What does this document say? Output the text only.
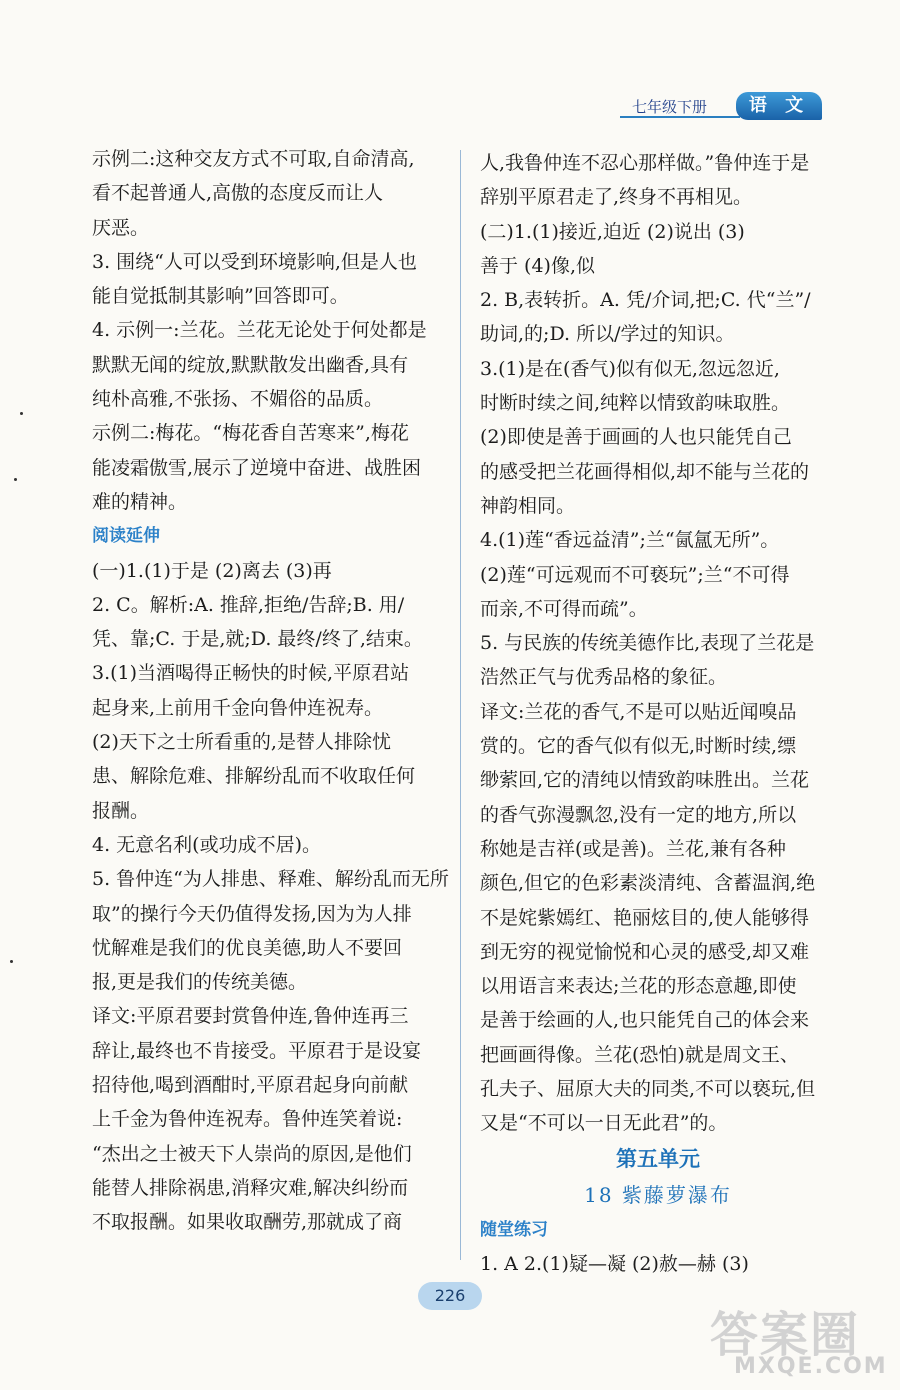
七年级下册	语 文
示例二:这种交友方式不可取,自命清高,
看不起普通人,高傲的态度反而让人
厌恶。
3. 围绕“人可以受到环境影响,但是人也
能自觉抵制其影响”回答即可。
4. 示例一:兰花。兰花无论处于何处都是
默默无闻的绽放,默默散发出幽香,具有
纯朴高雅,不张扬、不媚俗的品质。
示例二:梅花。“梅花香自苦寒来”,梅花
能凌霜傲雪,展示了逆境中奋进、战胜困
难的精神。
阅读延伸
(一)1.(1)于是 (2)离去 (3)再
2. C。解析:A. 推辞,拒绝/告辞;B. 用/
凭、靠;C. 于是,就;D. 最终/终了,结束。
3.(1)当酒喝得正畅快的时候,平原君站
起身来,上前用千金向鲁仲连祝寿。
(2)天下之士所看重的,是替人排除忧
患、解除危难、排解纷乱而不收取任何
报酬。
4. 无意名利(或功成不居)。
5. 鲁仲连“为人排患、释难、解纷乱而无所
取”的操行今天仍值得发扬,因为为人排
忧解难是我们的优良美德,助人不要回
报,更是我们的传统美德。
译文:平原君要封赏鲁仲连,鲁仲连再三
辞让,最终也不肯接受。平原君于是设宴
招待他,喝到酒酣时,平原君起身向前献
上千金为鲁仲连祝寿。鲁仲连笑着说:
“杰出之士被天下人崇尚的原因,是他们
能替人排除祸患,消释灾难,解决纠纷而
不取报酬。如果收取酬劳,那就成了商
人,我鲁仲连不忍心那样做。”鲁仲连于是
辞别平原君走了,终身不再相见。
(二)1.(1)接近,迫近 (2)说出 (3)
善于 (4)像,似
2. B,表转折。A. 凭/介词,把;C. 代“兰”/
助词,的;D. 所以/学过的知识。
3.(1)是在(香气)似有似无,忽远忽近,
时断时续之间,纯粹以情致韵味取胜。
(2)即使是善于画画的人也只能凭自己
的感受把兰花画得相似,却不能与兰花的
神韵相同。
4.(1)莲“香远益清”;兰“氤氲无所”。
(2)莲“可远观而不可亵玩”;兰“不可得
而亲,不可得而疏”。
5. 与民族的传统美德作比,表现了兰花是
浩然正气与优秀品格的象征。
译文:兰花的香气,不是可以贴近闻嗅品
赏的。它的香气似有似无,时断时续,缥
缈萦回,它的清纯以情致韵味胜出。兰花
的香气弥漫飘忽,没有一定的地方,所以
称她是吉祥(或是善)。兰花,兼有各种
颜色,但它的色彩素淡清纯、含蓄温润,绝
不是姹紫嫣红、艳丽炫目的,使人能够得
到无穷的视觉愉悦和心灵的感受,却又难
以用语言来表达;兰花的形态意趣,即使
是善于绘画的人,也只能凭自己的体会来
把画画得像。兰花(恐怕)就是周文王、
孔夫子、屈原大夫的同类,不可以亵玩,但
又是“不可以一日无此君”的。
第五单元
18 紫藤萝瀑布
随堂练习
1. A 2.(1)疑—凝 (2)赦—赫 (3)
226
答案圈
MXQE.COM
